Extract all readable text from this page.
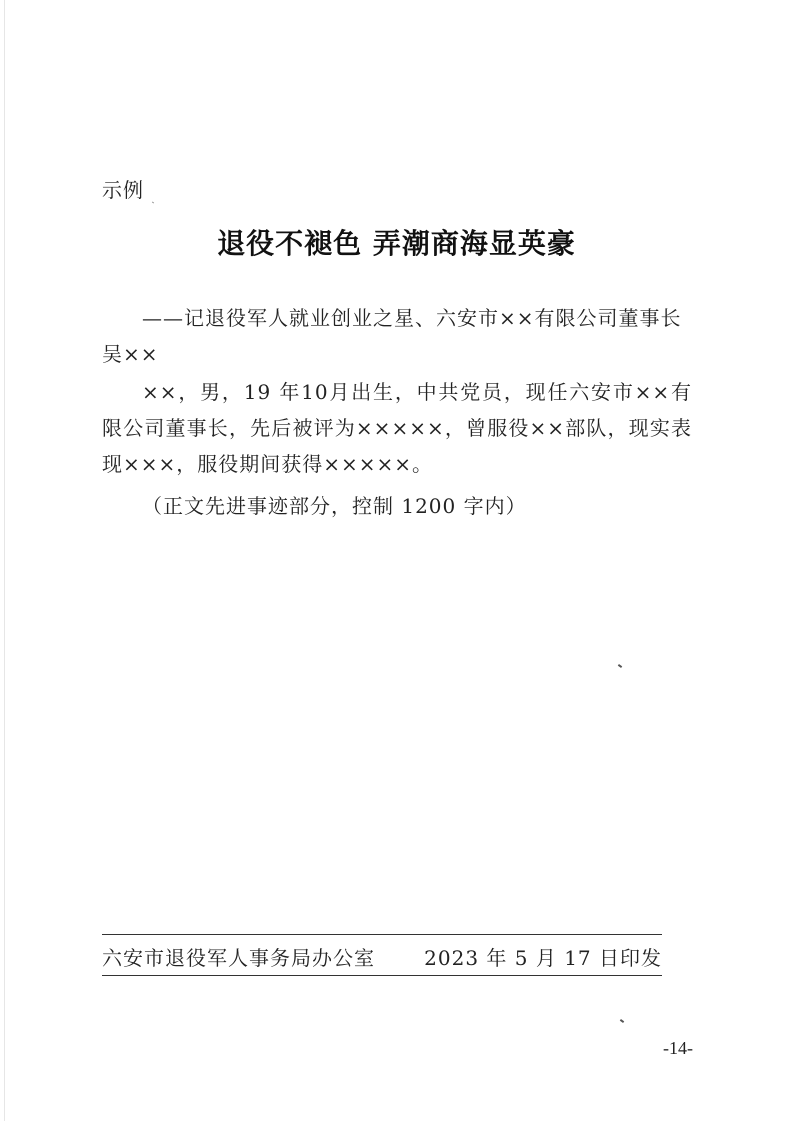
示例
退役不褪色 弄潮商海显英豪
——记退役军人就业创业之星、六安市××有限公司董事长吴××
××，男，19 年10月出生，中共党员，现任六安市××有限公司董事长，先后被评为×××××，曾服役××部队，现实表现×××，服役期间获得×××××。
（正文先进事迹部分，控制 1200 字内）
六安市退役军人事务局办公室 2023 年 5 月 17 日印发
-14-
